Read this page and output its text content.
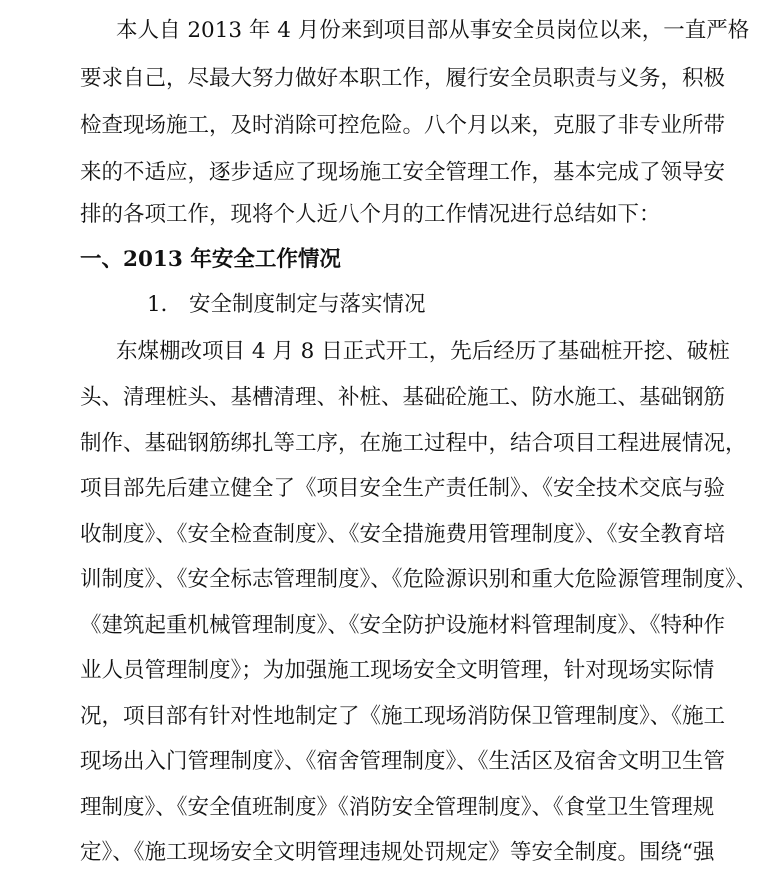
本人自 2013 年 4 月份来到项目部从事安全员岗位以来，一直严格
要求自己，尽最大努力做好本职工作，履行安全员职责与义务，积极
检查现场施工，及时消除可控危险。八个月以来，克服了非专业所带
来的不适应，逐步适应了现场施工安全管理工作，基本完成了领导安
排的各项工作，现将个人近八个月的工作情况进行总结如下：
一、2013 年安全工作情况
1． 安全制度制定与落实情况
东煤棚改项目 4 月 8 日正式开工，先后经历了基础桩开挖、破桩
头、清理桩头、基槽清理、补桩、基础砼施工、防水施工、基础钢筋
制作、基础钢筋绑扎等工序，在施工过程中，结合项目工程进展情况，
项目部先后建立健全了《项目安全生产责任制》、《安全技术交底与验
收制度》、《安全检查制度》、《安全措施费用管理制度》、《安全教育培
训制度》、《安全标志管理制度》、《危险源识别和重大危险源管理制度》、
《建筑起重机械管理制度》、《安全防护设施材料管理制度》、《特种作
业人员管理制度》；为加强施工现场安全文明管理，针对现场实际情
况，项目部有针对性地制定了《施工现场消防保卫管理制度》、《施工
现场出入门管理制度》、《宿舍管理制度》、《生活区及宿舍文明卫生管
理制度》、《安全值班制度》《消防安全管理制度》、《食堂卫生管理规
定》、《施工现场安全文明管理违规处罚规定》等安全制度。围绕“强
